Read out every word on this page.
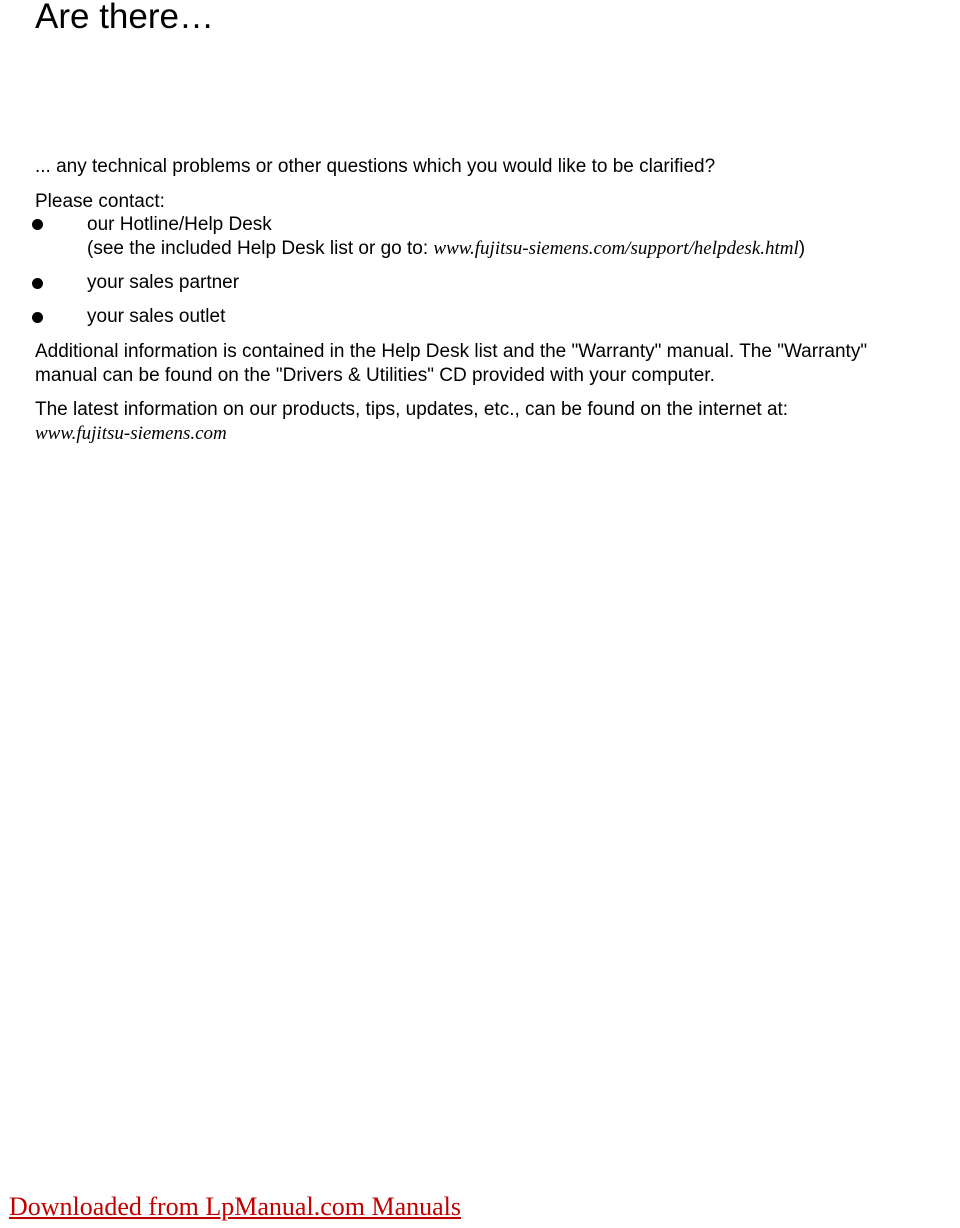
Are there…
... any technical problems or other questions which you would like to be clarified?
Please contact:
our Hotline/Help Desk
(see the included Help Desk list or go to: www.fujitsu-siemens.com/support/helpdesk.html)
your sales partner
your sales outlet
Additional information is contained in the Help Desk list and the "Warranty" manual. The "Warranty"
manual can be found on the "Drivers & Utilities" CD provided with your computer.
The latest information on our products, tips, updates, etc., can be found on the internet at:
www.fujitsu-siemens.com
Downloaded from LpManual.com Manuals
